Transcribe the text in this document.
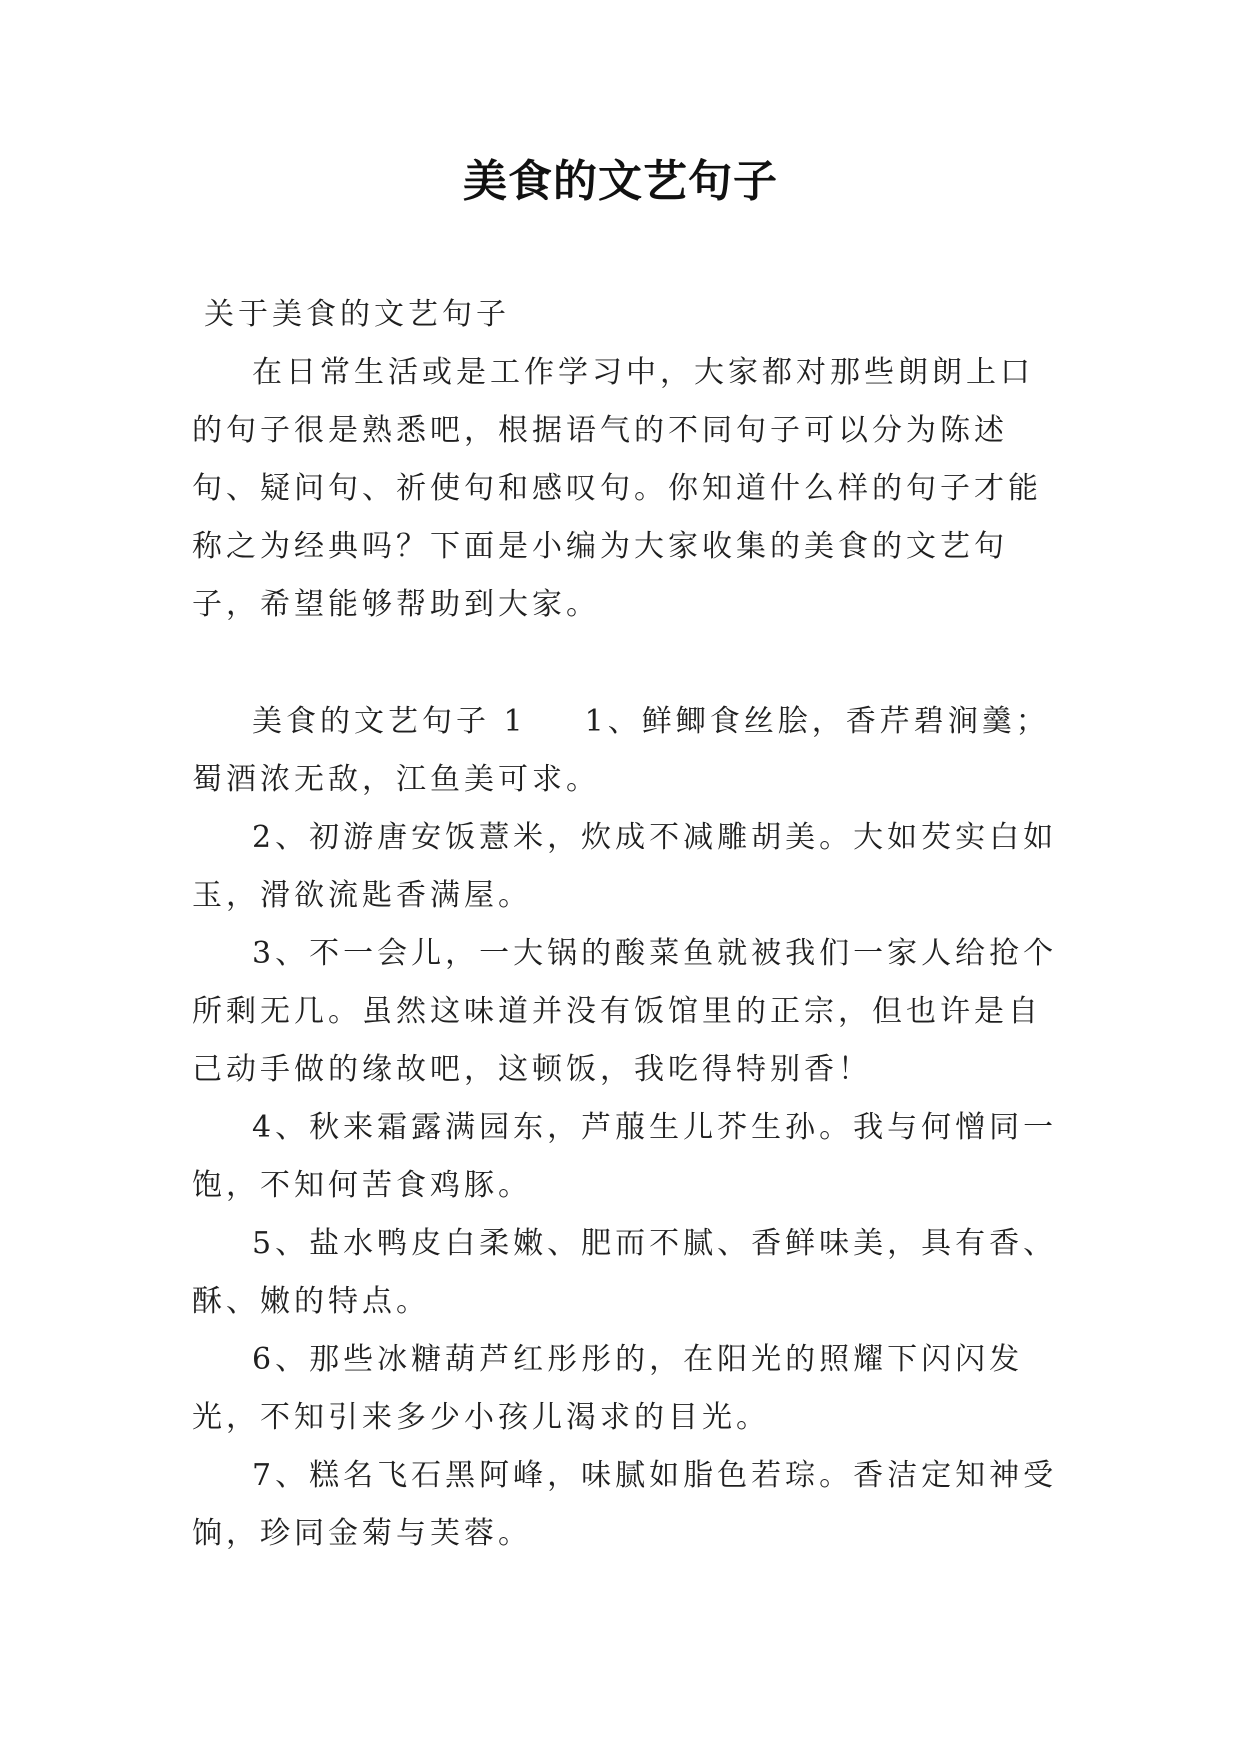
美食的文艺句子
关于美食的文艺句子

在日常生活或是工作学习中，大家都对那些朗朗上口的句子很是熟悉吧，根据语气的不同句子可以分为陈述句、疑问句、祈使句和感叹句。你知道什么样的句子才能称之为经典吗？下面是小编为大家收集的美食的文艺句子，希望能够帮助到大家。

美食的文艺句子 1 1、鲜鲫食丝脍，香芹碧涧羹；蜀酒浓无敌，江鱼美可求。

2、初游唐安饭薏米，炊成不减雕胡美。大如芡实白如玉，滑欲流匙香满屋。

3、不一会儿，一大锅的酸菜鱼就被我们一家人给抢个所剩无几。虽然这味道并没有饭馆里的正宗，但也许是自己动手做的缘故吧，这顿饭，我吃得特别香！

4、秋来霜露满园东，芦菔生儿芥生孙。我与何憎同一饱，不知何苦食鸡豚。

5、盐水鸭皮白柔嫩、肥而不腻、香鲜味美，具有香、酥、嫩的特点。

6、那些冰糖葫芦红彤彤的，在阳光的照耀下闪闪发光，不知引来多少小孩儿渴求的目光。

7、糕名飞石黑阿峰，味腻如脂色若琮。香洁定知神受饷，珍同金菊与芙蓉。
